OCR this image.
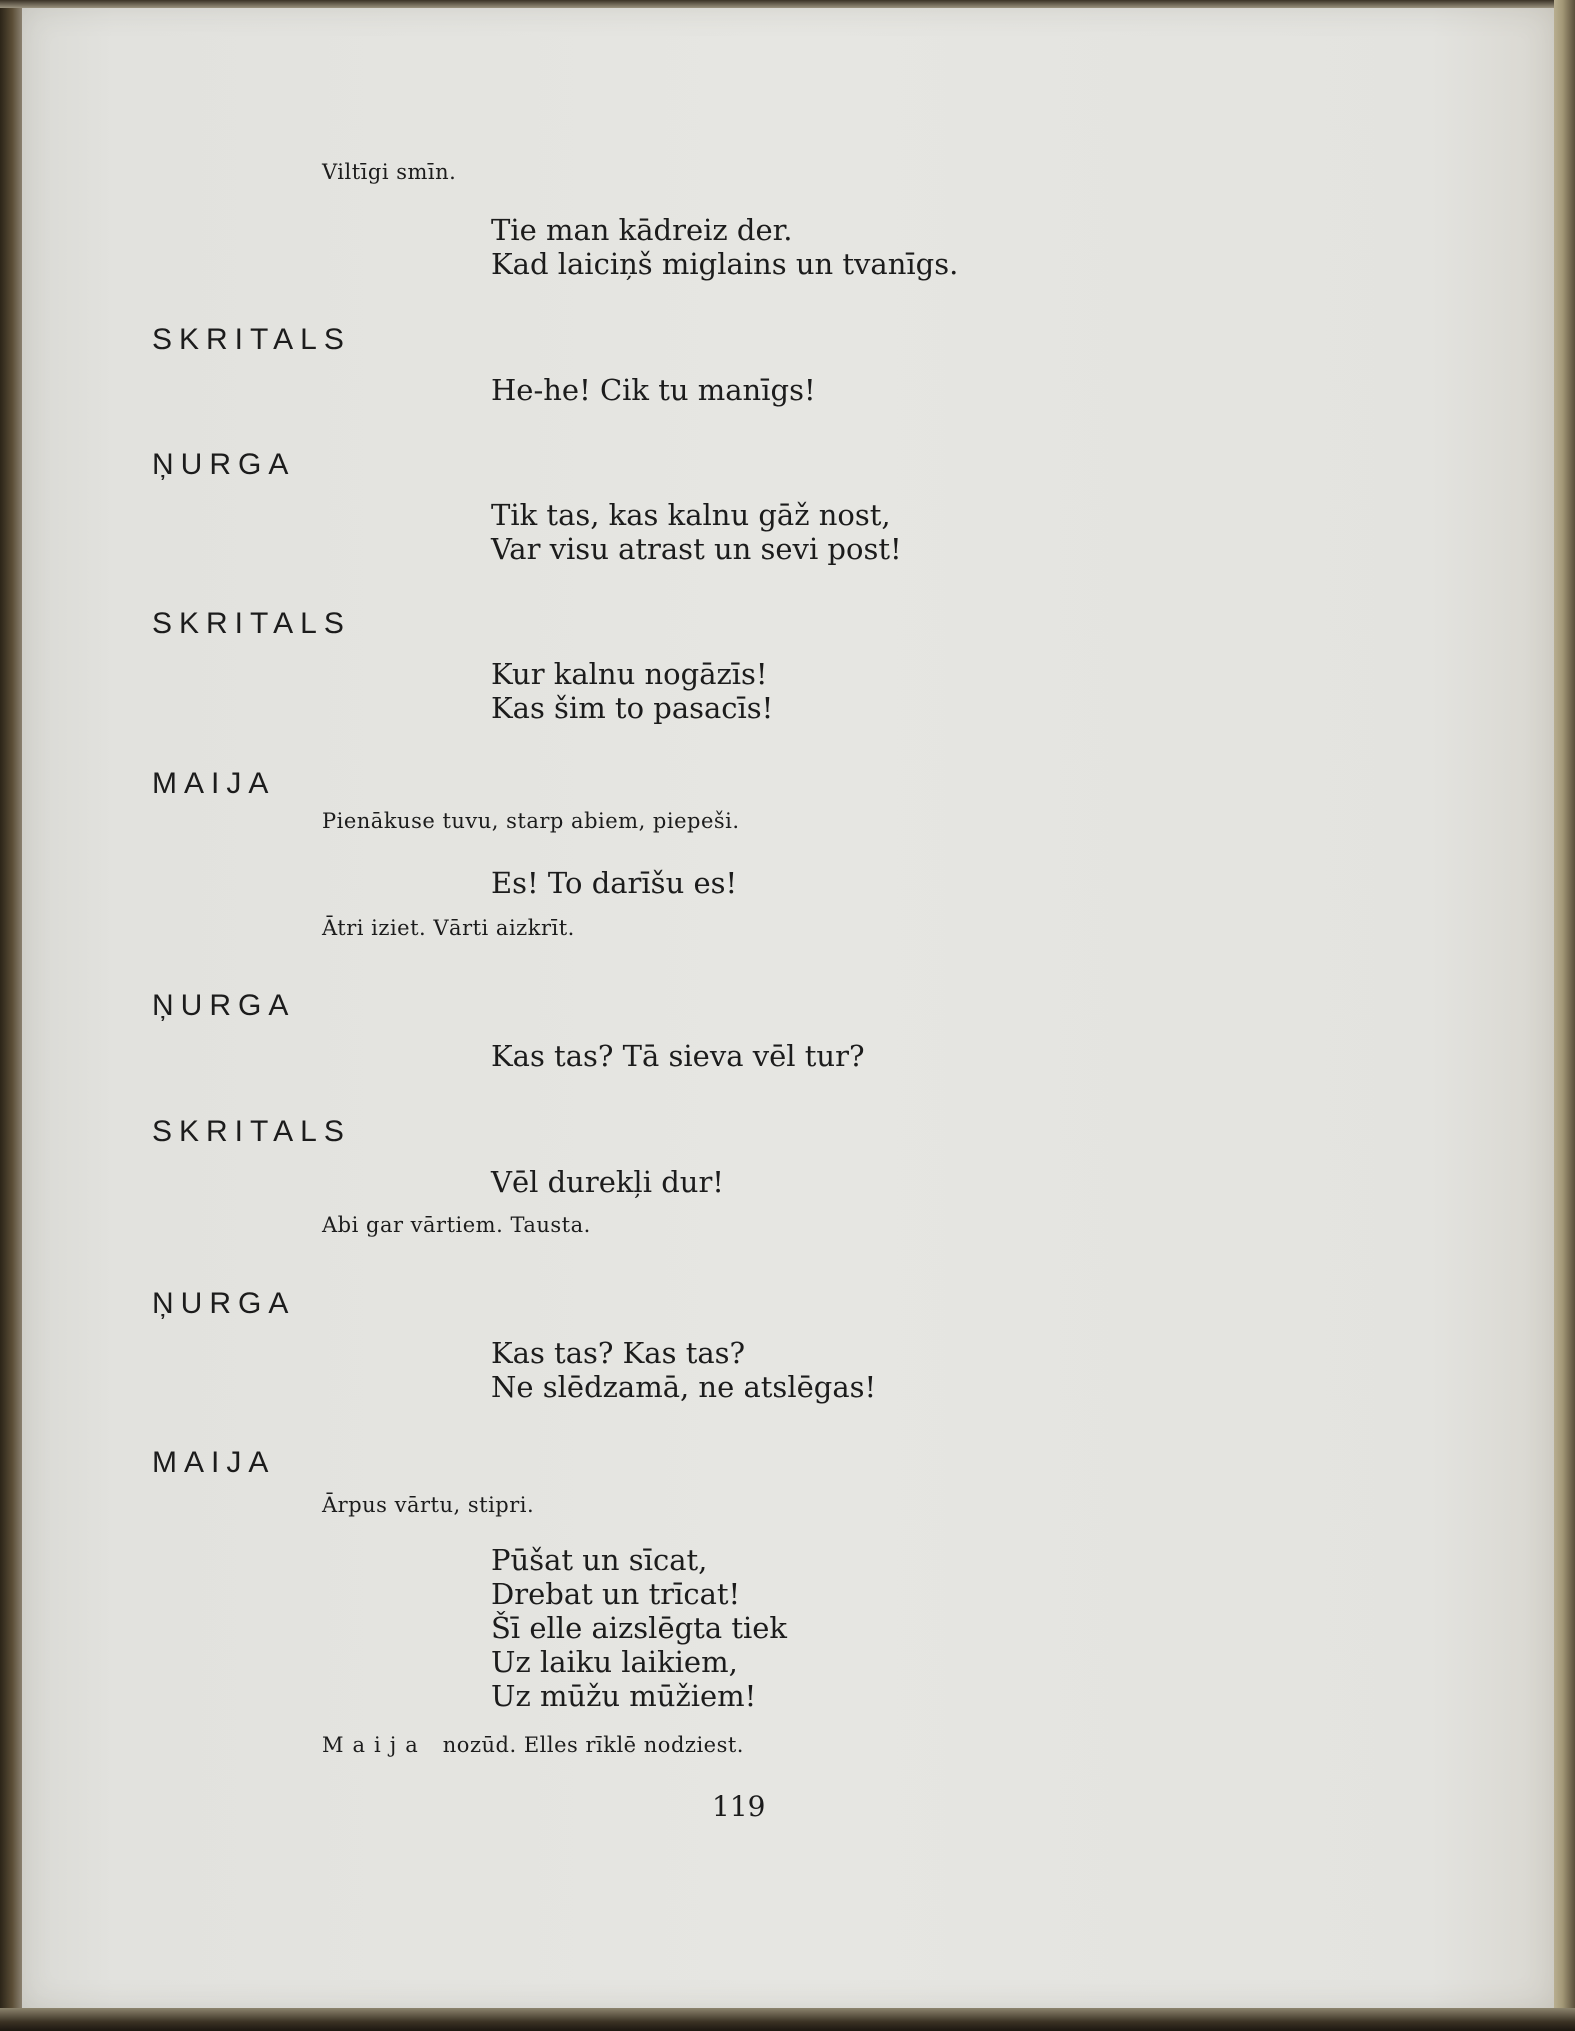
Viltīgi smīn.

Tie man kādreiz der.

Kad laiciņš miglains un tvanīgs.

SKRITALS

He-he! Cik tu manīgs!

ŅURGA

Tik tas, kas kalnu gāž nost,

Var visu atrast un sevi post!

SKRITALS

Kur kalnu nogāzīs!

Kas šim to pasacīs!

MAIJA

Pienākuse tuvu, starp abiem, piepeši.

Es! To darīšu es!

Ātri iziet. Vārti aizkrīt.

ŅURGA

Kas tas? Tā sieva vēl tur?

SKRITALS

Vēl durekļi dur!

Abi gar vārtiem. Tausta.

ŅURGA

Kas tas? Kas tas?

Ne slēdzamā, ne atslēgas!

MAIJA

Ārpus vārtu, stipri.

Pūšat un sīcat,

Drebat un trīcat!

Šī elle aizslēgta tiek

Uz laiku laikiem,

Uz mūžu mūžiem!

Maija nozūd. Elles rīklē nodziest.

119
